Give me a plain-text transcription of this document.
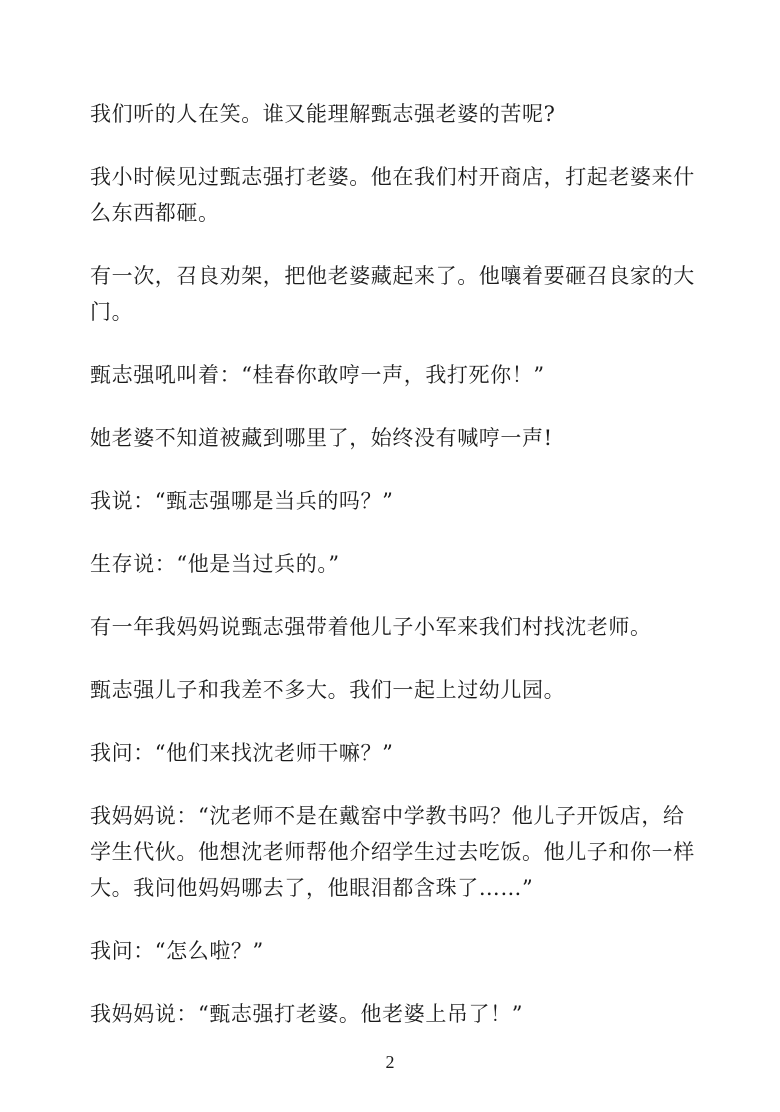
我们听的人在笑。谁又能理解甄志强老婆的苦呢?

我小时候见过甄志强打老婆。他在我们村开商店，打起老婆来什么东西都砸。

有一次，召良劝架，把他老婆藏起来了。他嚷着要砸召良家的大门。

甄志强吼叫着：“桂春你敢哼一声，我打死你！”

她老婆不知道被藏到哪里了，始终没有喊哼一声!

我说：“甄志强哪是当兵的吗？”

生存说：“他是当过兵的。”

有一年我妈妈说甄志强带着他儿子小军来我们村找沈老师。

甄志强儿子和我差不多大。我们一起上过幼儿园。

我问：“他们来找沈老师干嘛？”

我妈妈说：“沈老师不是在戴窑中学教书吗？他儿子开饭店，给学生代伙。他想沈老师帮他介绍学生过去吃饭。他儿子和你一样大。我问他妈妈哪去了，他眼泪都含珠了……”

我问：“怎么啦？”

我妈妈说：“甄志强打老婆。他老婆上吊了！”

2
